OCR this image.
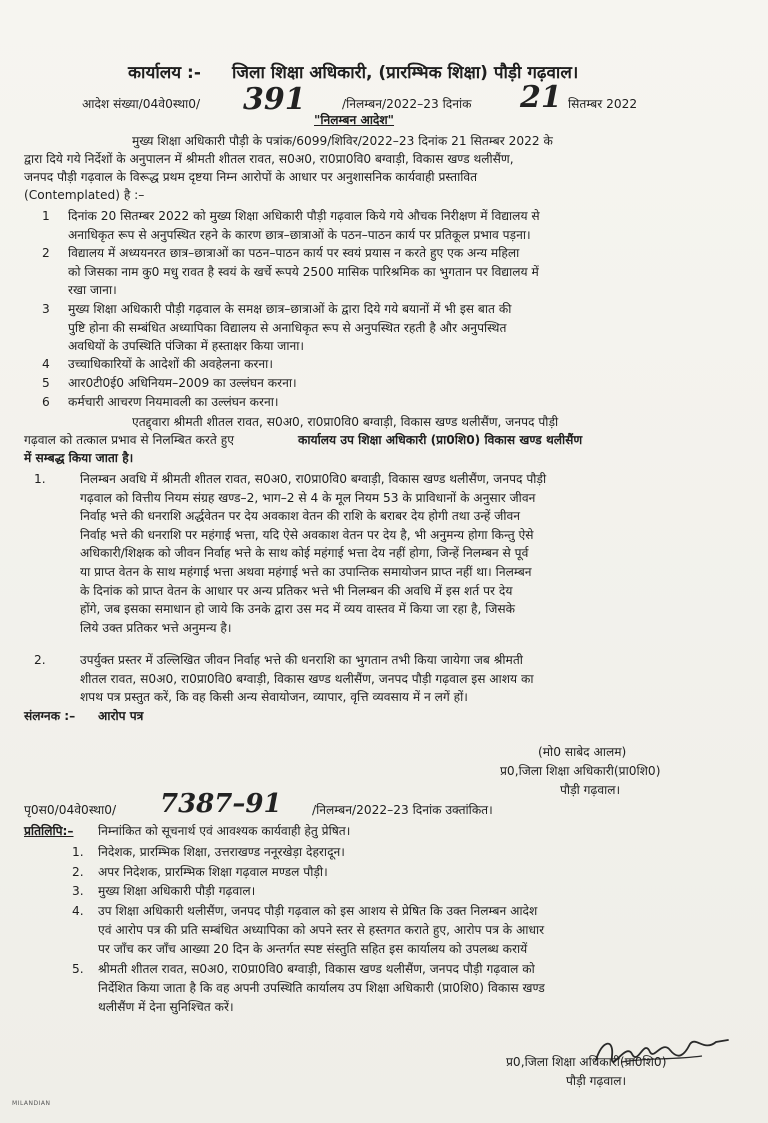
कार्यालय :- जिला शिक्षा अधिकारी, (प्रारम्भिक शिक्षा) पौड़ी गढ़वाल।
आदेश संख्या/04वे0स्था0/ 391	/निलम्बन/2022–23 दिनांक 21 सितम्बर 2022
"निलम्बन आदेश"
संलग्नक :– आरोप पत्र
(मो0 साबेद आलम)
प्र0,जिला शिक्षा अधिकारी(प्रा0शि0)
पौड़ी गढ़वाल।
पृ0स0/04वे0स्था0/ 7387–91 /निलम्बन/2022–23 दिनांक उक्तांकित।
प्रतिलिपि:– निम्नांकित को सूचनार्थ एवं आवश्यक कार्यवाही हेतु प्रेषित।
प्र0,जिला शिक्षा अधिकारी(प्रा0शि0)
पौड़ी गढ़वाल।
MILANDIAN
मुख्य शिक्षा अधिकारी पौड़ी के पत्रांक/6099/शिविर/2022–23 दिनांक 21 सितम्बर 2022 के
द्वारा दिये गये निर्देशों के अनुपालन में श्रीमती शीतल रावत, स0अ0, रा0प्रा0वि0 बग्वाड़ी, विकास खण्ड थलीसैंण,
जनपद पौड़ी गढ़वाल के विरूद्ध प्रथम दृष्टया निम्न आरोपों के आधार पर अनुशासनिक कार्यवाही प्रस्तावित
(Contemplated) है :–
1 दिनांक 20 सितम्बर 2022 को मुख्य शिक्षा अधिकारी पौड़ी गढ़वाल किये गये औचक निरीक्षण में विद्यालय से
अनाधिकृत रूप से अनुपस्थित रहने के कारण छात्र–छात्राओं के पठन–पाठन कार्य पर प्रतिकूल प्रभाव पड़ना।
2 विद्यालय में अध्ययनरत छात्र–छात्राओं का पठन–पाठन कार्य पर स्वयं प्रयास न करते हुए एक अन्य महिला
को जिसका नाम कु0 मधु रावत है स्वयं के खर्चे रूपये 2500 मासिक पारिश्रमिक का भुगतान पर विद्यालय में
रखा जाना।
3 मुख्य शिक्षा अधिकारी पौड़ी गढ़वाल के समक्ष छात्र–छात्राओं के द्वारा दिये गये बयानों में भी इस बात की
पुष्टि होना की सम्बंधित अध्यापिका विद्यालय से अनाधिकृत रूप से अनुपस्थित रहती है और अनुपस्थित
अवधियों के उपस्थिति पंजिका में हस्ताक्षर किया जाना।
4 उच्चाधिकारियों के आदेशों की अवहेलना करना।
5 आर0टी0ई0 अधिनियम–2009 का उल्लंघन करना।
6 कर्मचारी आचरण नियमावली का उल्लंघन करना।
एतद्द्वारा श्रीमती शीतल रावत, स0अ0, रा0प्रा0वि0 बग्वाड़ी, विकास खण्ड थलीसैंण, जनपद पौड़ी
गढ़वाल को तत्काल प्रभाव से निलम्बित करते हुए	कार्यालय उप शिक्षा अधिकारी (प्रा0शि0) विकास खण्ड थलीसैंण
में सम्बद्ध किया जाता है।
1.	निलम्बन अवधि में श्रीमती शीतल रावत, स0अ0, रा0प्रा0वि0 बग्वाड़ी, विकास खण्ड थलीसैंण, जनपद पौड़ी
गढ़वाल को वित्तीय नियम संग्रह खण्ड–2, भाग–2 से 4 के मूल नियम 53 के प्राविधानों के अनुसार जीवन
निर्वाह भत्ते की धनराशि अर्द्धवेतन पर देय अवकाश वेतन की राशि के बराबर देय होगी तथा उन्हें जीवन
निर्वाह भत्ते की धनराशि पर महंगाई भत्ता, यदि ऐसे अवकाश वेतन पर देय है, भी अनुमन्य होगा किन्तु ऐसे
अधिकारी/शिक्षक को जीवन निर्वाह भत्ते के साथ कोई महंगाई भत्ता देय नहीं होगा, जिन्हें निलम्बन से पूर्व
या प्राप्त वेतन के साथ महंगाई भत्ता अथवा महंगाई भत्ते का उपान्तिक समायोजन प्राप्त नहीं था। निलम्बन
के दिनांक को प्राप्त वेतन के आधार पर अन्य प्रतिकर भत्ते भी निलम्बन की अवधि में इस शर्त पर देय
होंगे, जब इसका समाधान हो जाये कि उनके द्वारा उस मद में व्यय वास्तव में किया जा रहा है, जिसके
लिये उक्त प्रतिकर भत्ते अनुमन्य है।
2.	उपर्युक्त प्रस्तर में उल्लिखित जीवन निर्वाह भत्ते की धनराशि का भुगतान तभी किया जायेगा जब श्रीमती
शीतल रावत, स0अ0, रा0प्रा0वि0 बग्वाड़ी, विकास खण्ड थलीसैंण, जनपद पौड़ी गढ़वाल इस आशय का
शपथ पत्र प्रस्तुत करें, कि वह किसी अन्य सेवायोजन, व्यापार, वृत्ति व्यवसाय में न लगें हों।
1. निदेशक, प्रारम्भिक शिक्षा, उत्तराखण्ड ननूरखेड़ा देहरादून।
2. अपर निदेशक, प्रारम्भिक शिक्षा गढ़वाल मण्डल पौड़ी।
3. मुख्य शिक्षा अधिकारी पौड़ी गढ़वाल।
4. उप शिक्षा अधिकारी थलीसैंण, जनपद पौड़ी गढ़वाल को इस आशय से प्रेषित कि उक्त निलम्बन आदेश
एवं आरोप पत्र की प्रति सम्बंधित अध्यापिका को अपने स्तर से हस्तगत कराते हुए, आरोप पत्र के आधार
पर जाँच कर जाँच आख्या 20 दिन के अन्तर्गत स्पष्ट संस्तुति सहित इस कार्यालय को उपलब्ध करायें
5. श्रीमती शीतल रावत, स0अ0, रा0प्रा0वि0 बग्वाड़ी, विकास खण्ड थलीसैंण, जनपद पौड़ी गढ़वाल को
निर्देशित किया जाता है कि वह अपनी उपस्थिति कार्यालय उप शिक्षा अधिकारी (प्रा0शि0) विकास खण्ड
थलीसैंण में देना सुनिश्चित करें।
